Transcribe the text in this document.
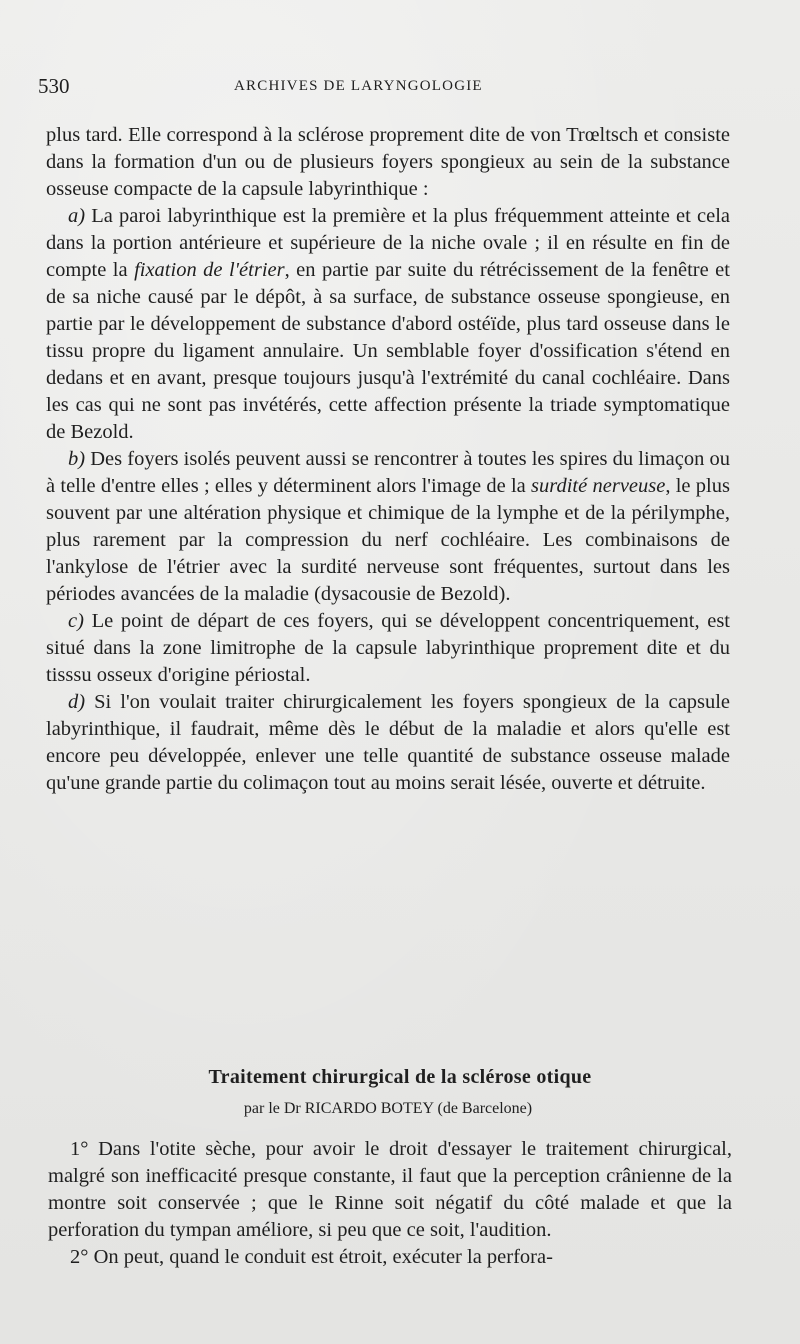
530	ARCHIVES DE LARYNGOLOGIE

plus tard. Elle correspond à la sclérose proprement dite de von Trœltsch et consiste dans la formation d'un ou de plusieurs foyers spongieux au sein de la substance osseuse compacte de la capsule labyrinthique :

a) La paroi labyrinthique est la première et la plus fréquemment atteinte et cela dans la portion antérieure et supérieure de la niche ovale ; il en résulte en fin de compte la fixation de l'étrier, en partie par suite du rétrécissement de la fenêtre et de sa niche causé par le dépôt, à sa surface, de substance osseuse spongieuse, en partie par le développement de substance d'abord ostéïde, plus tard osseuse dans le tissu propre du ligament annulaire. Un semblable foyer d'ossification s'étend en dedans et en avant, presque toujours jusqu'à l'extrémité du canal cochléaire. Dans les cas qui ne sont pas invétérés, cette affection présente la triade symptomatique de Bezold.

b) Des foyers isolés peuvent aussi se rencontrer à toutes les spires du limaçon ou à telle d'entre elles ; elles y déterminent alors l'image de la surdité nerveuse, le plus souvent par une altération physique et chimique de la lymphe et de la périlymphe, plus rarement par la compression du nerf cochléaire. Les combinaisons de l'ankylose de l'étrier avec la surdité nerveuse sont fréquentes, surtout dans les périodes avancées de la maladie (dysacousie de Bezold).

c) Le point de départ de ces foyers, qui se développent concentriquement, est situé dans la zone limitrophe de la capsule labyrinthique proprement dite et du tisssu osseux d'origine périostal.

d) Si l'on voulait traiter chirurgicalement les foyers spongieux de la capsule labyrinthique, il faudrait, même dès le début de la maladie et alors qu'elle est encore peu développée, enlever une telle quantité de substance osseuse malade qu'une grande partie du colimaçon tout au moins serait lésée, ouverte et détruite.

Traitement chirurgical de la sclérose otique
par le Dr RICARDO BOTEY (de Barcelone)

1° Dans l'otite sèche, pour avoir le droit d'essayer le traitement chirurgical, malgré son inefficacité presque constante, il faut que la perception crânienne de la montre soit conservée ; que le Rinne soit négatif du côté malade et que la perforation du tympan améliore, si peu que ce soit, l'audition.

2° On peut, quand le conduit est étroit, exécuter la perfora-
